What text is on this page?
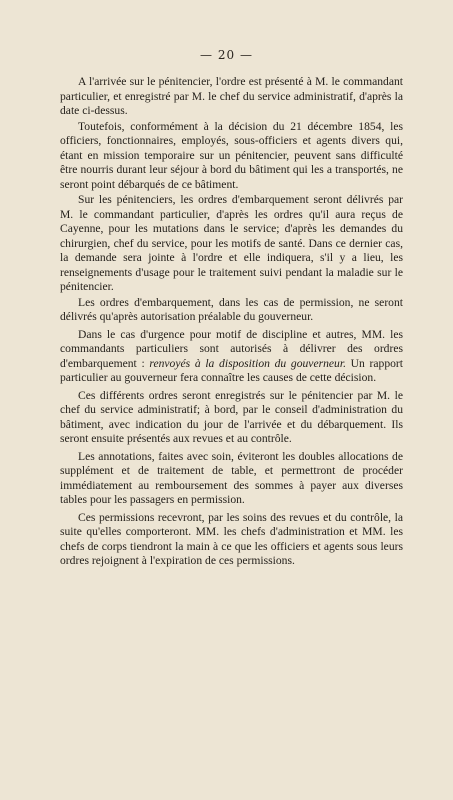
— 20 —

A l'arrivée sur le pénitencier, l'ordre est présenté à M. le commandant particulier, et enregistré par M. le chef du service administratif, d'après la date ci-dessus.

Toutefois, conformément à la décision du 21 décembre 1854, les officiers, fonctionnaires, employés, sous-officiers et agents divers qui, étant en mission temporaire sur un pénitencier, peuvent sans difficulté être nourris durant leur séjour à bord du bâtiment qui les a transportés, ne seront point débarqués de ce bâtiment.

Sur les pénitenciers, les ordres d'embarquement seront délivrés par M. le commandant particulier, d'après les ordres qu'il aura reçus de Cayenne, pour les mutations dans le service; d'après les demandes du chirurgien, chef du service, pour les motifs de santé. Dans ce dernier cas, la demande sera jointe à l'ordre et elle indiquera, s'il y a lieu, les renseignements d'usage pour le traitement suivi pendant la maladie sur le pénitencier.

Les ordres d'embarquement, dans les cas de permission, ne seront délivrés qu'après autorisation préalable du gouverneur.

Dans le cas d'urgence pour motif de discipline et autres, MM. les commandants particuliers sont autorisés à délivrer des ordres d'embarquement : renvoyés à la disposition du gouverneur. Un rapport particulier au gouverneur fera connaître les causes de cette décision.

Ces différents ordres seront enregistrés sur le pénitencier par M. le chef du service administratif; à bord, par le conseil d'administration du bâtiment, avec indication du jour de l'arrivée et du débarquement. Ils seront ensuite présentés aux revues et au contrôle.

Les annotations, faites avec soin, éviteront les doubles allocations de supplément et de traitement de table, et permettront de procéder immédiatement au remboursement des sommes à payer aux diverses tables pour les passagers en permission.

Ces permissions recevront, par les soins des revues et du contrôle, la suite qu'elles comporteront. MM. les chefs d'administration et MM. les chefs de corps tiendront la main à ce que les officiers et agents sous leurs ordres rejoignent à l'expiration de ces permissions.
